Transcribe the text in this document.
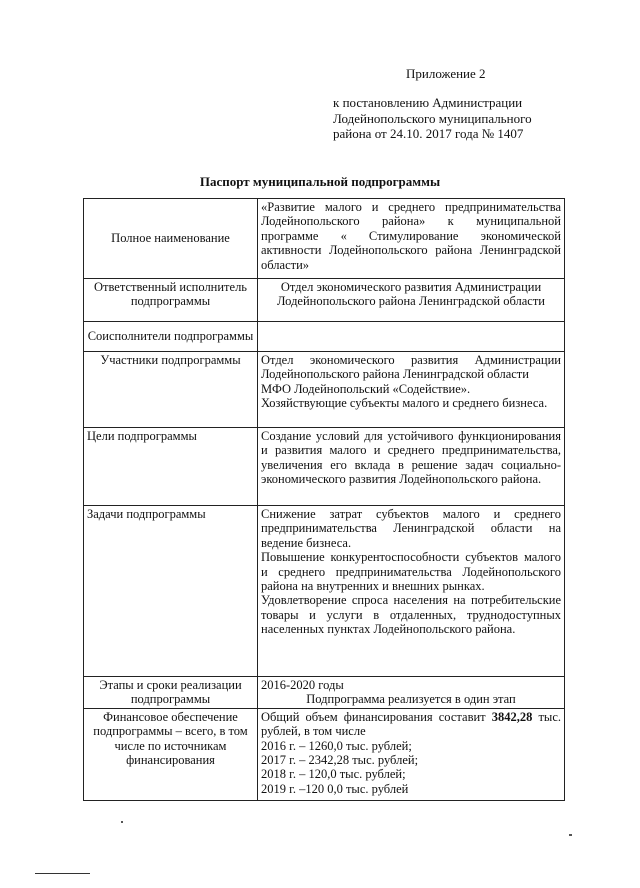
Приложение 2
к постановлению Администрации
Лодейнопольского муниципального
района от 24.10. 2017 года № 1407
Паспорт муниципальной подпрограммы
Полное наименование	«Развитие малого и среднего предпринимательства Лодейнопольского района» к муниципальной программе « Стимулирование экономической активности Лодейнопольского района Ленинградской области»
Ответственный исполнитель подпрограммы	Отдел экономического развития Администрации Лодейнопольского района Ленинградской области
Соисполнители подпрограммы	
Участники подпрограммы	Отдел экономического развития Администрации Лодейнопольского района Ленинградской области

МФО Лодейнопольский «Содействие».

Хозяйствующие субъекты малого и среднего бизнеса.

Цели подпрограммы	Создание условий для устойчивого функционирования и развития малого и среднего предпринимательства, увеличения его вклада в решение задач социально-экономического развития Лодейнопольского района.
Задачи подпрограммы	Снижение затрат субъектов малого и среднего предпринимательства Ленинградской области на ведение бизнеса.

Повышение конкурентоспособности субъектов малого и среднего предпринимательства Лодейнопольского района на внутренних и внешних рынках.

Удовлетворение спроса населения на потребительские товары и услуги в отдаленных, труднодоступных населенных пунктах Лодейнопольского района.

Этапы и сроки реализации подпрограммы	2016-2020 годы

Подпрограмма реализуется в один этап

Финансовое обеспечение подпрограммы – всего, в том числе по источникам финансирования	Общий объем финансирования составит 3842,28 тыс. рублей, в том числе

2016 г. – 1260,0 тыс. рублей;

2017 г. – 2342,28 тыс. рублей;

2018 г. – 120,0 тыс. рублей;

2019 г. –120 0,0 тыс. рублей
